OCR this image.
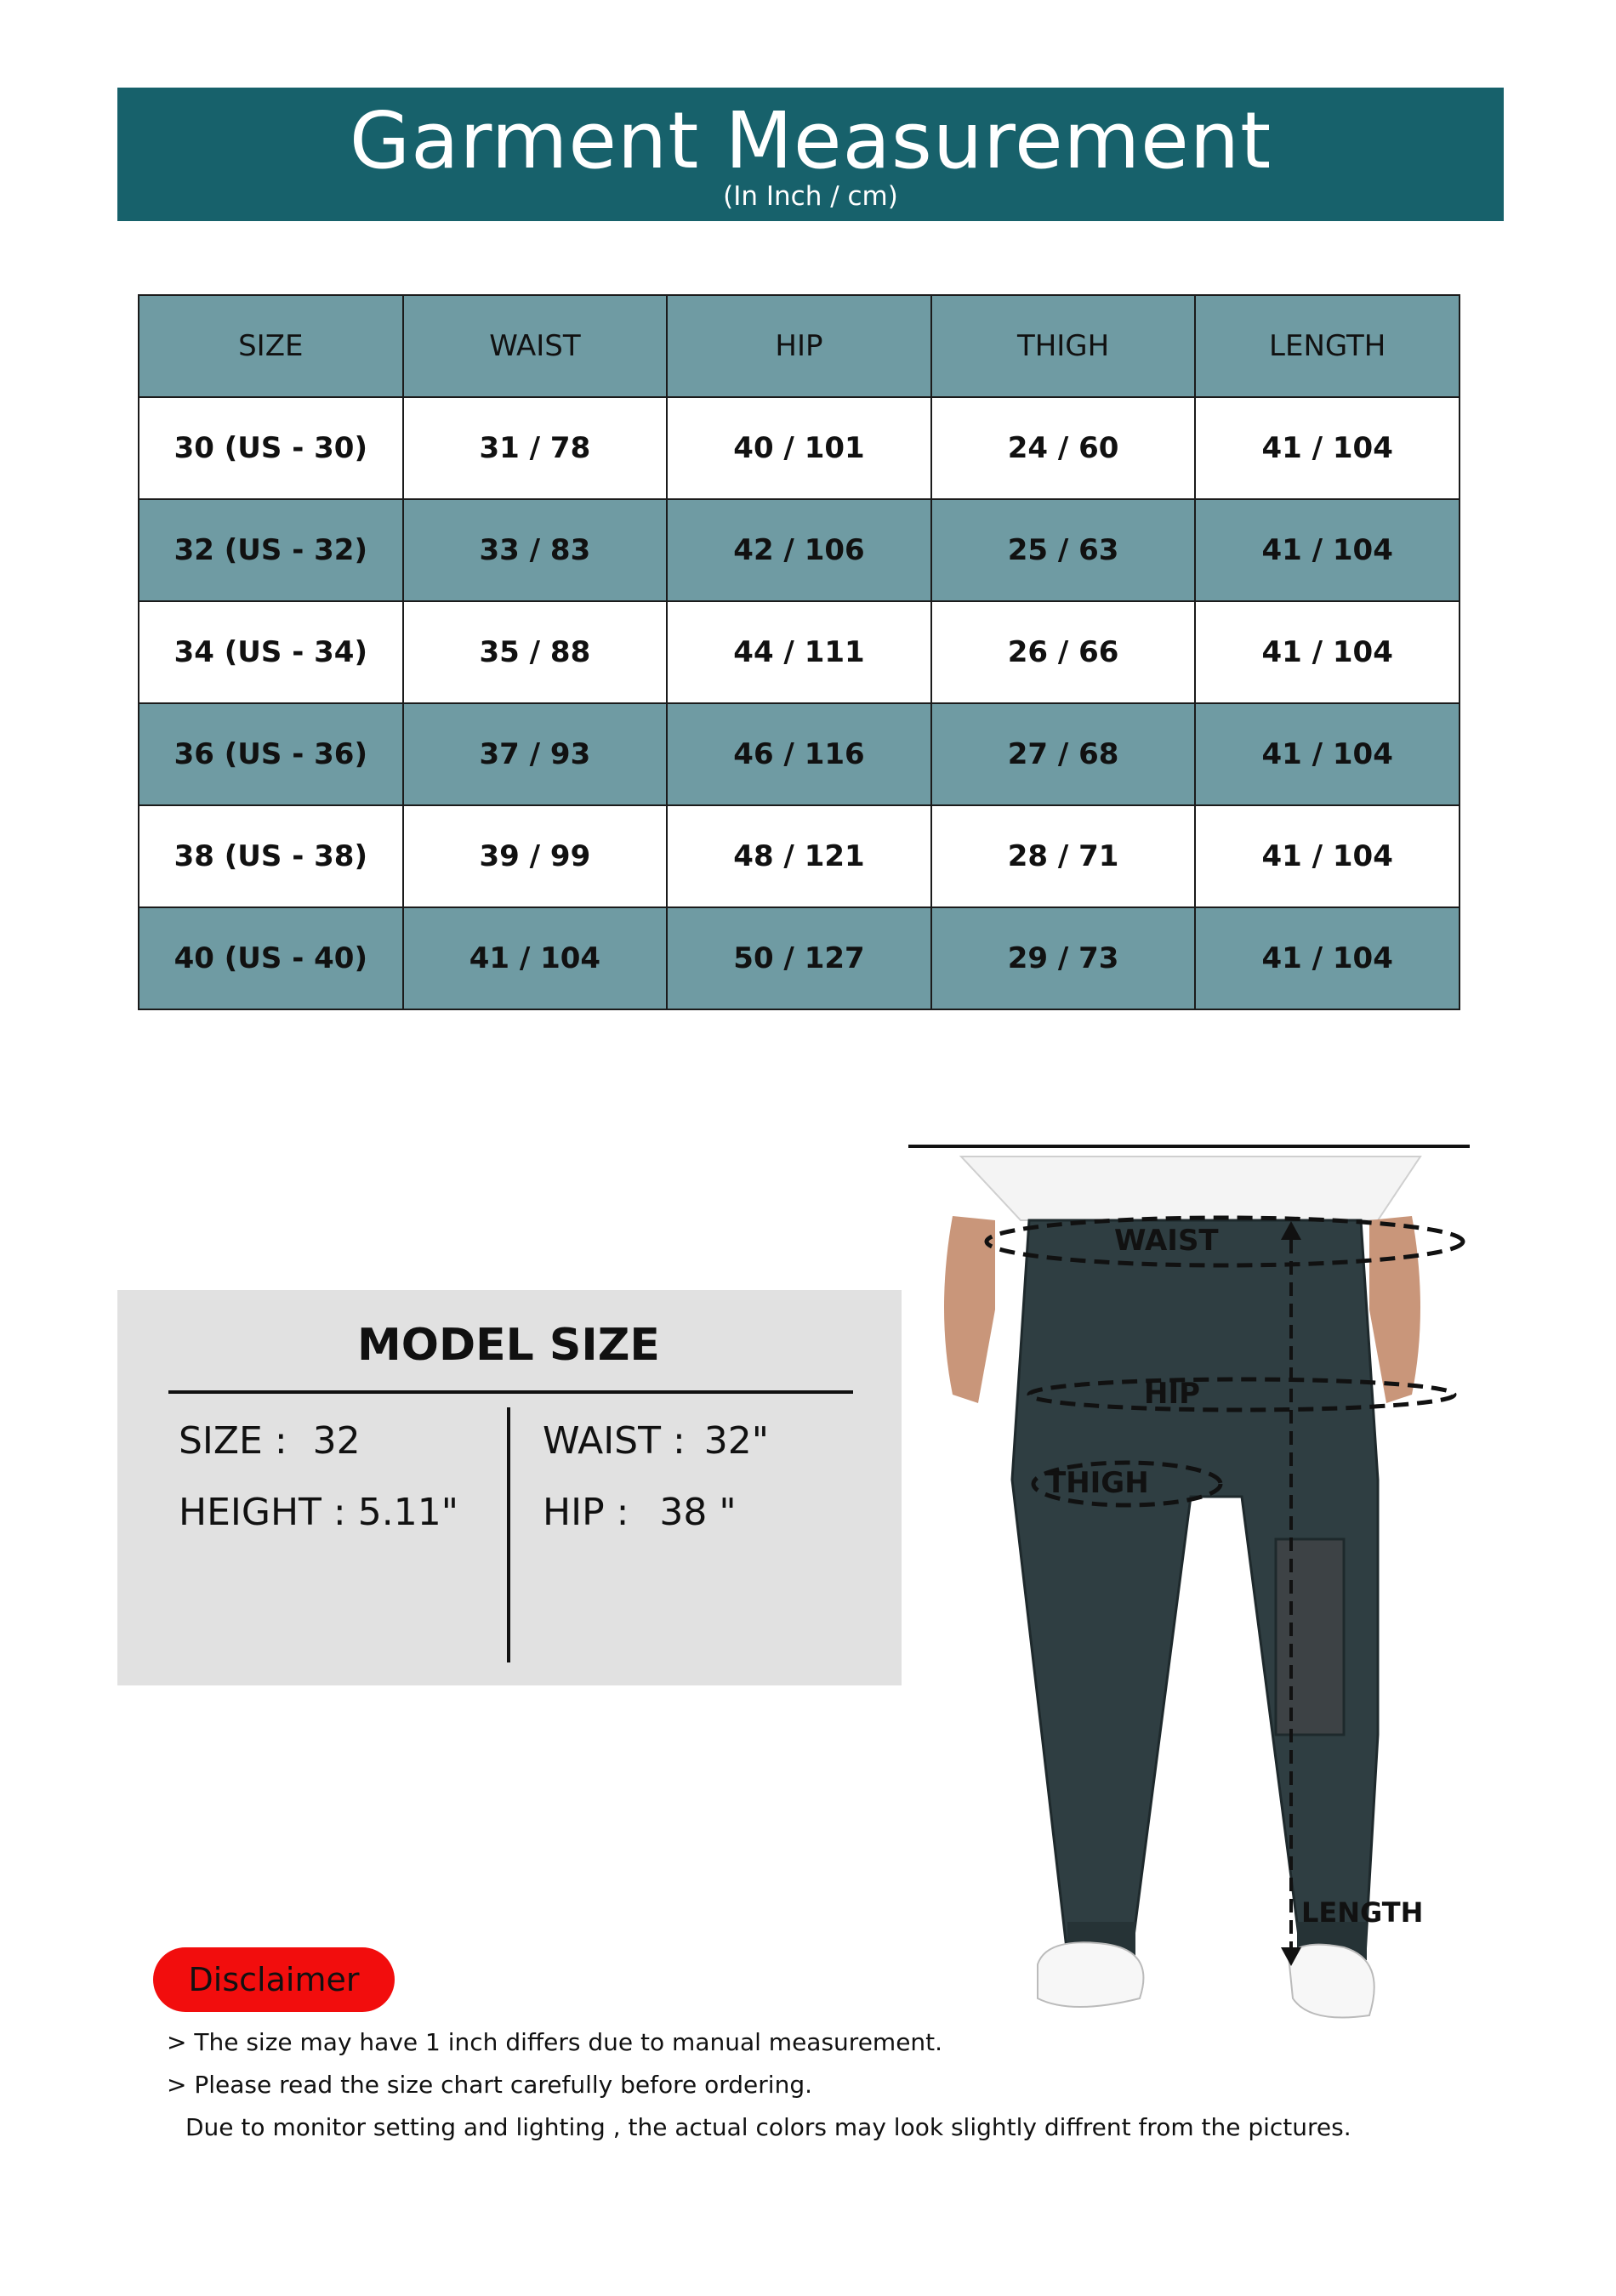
Garment Measurement
(In Inch / cm)
SIZE	WAIST	HIP	THIGH	LENGTH
30 (US - 30)	31 / 78	40 / 101	24 / 60	41 / 104
32 (US - 32)	33 / 83	42 / 106	25 / 63	41 / 104
34 (US - 34)	35 / 88	44 / 111	26 / 66	41 / 104
36 (US - 36)	37 / 93	46 / 116	27 / 68	41 / 104
38 (US - 38)	39 / 99	48 / 121	28 / 71	41 / 104
40 (US - 40)	41 / 104	50 / 127	29 / 73	41 / 104
MODEL SIZE
SIZE : 32
HEIGHT : 5.11"
WAIST : 32"
HIP : 38 "
WAIST
HIP
THIGH
LENGTH
Disclaimer
> The size may have 1 inch differs due to manual measurement.
> Please read the size chart carefully before ordering.
Due to monitor setting and lighting , the actual colors may look slightly diffrent from the pictures.
